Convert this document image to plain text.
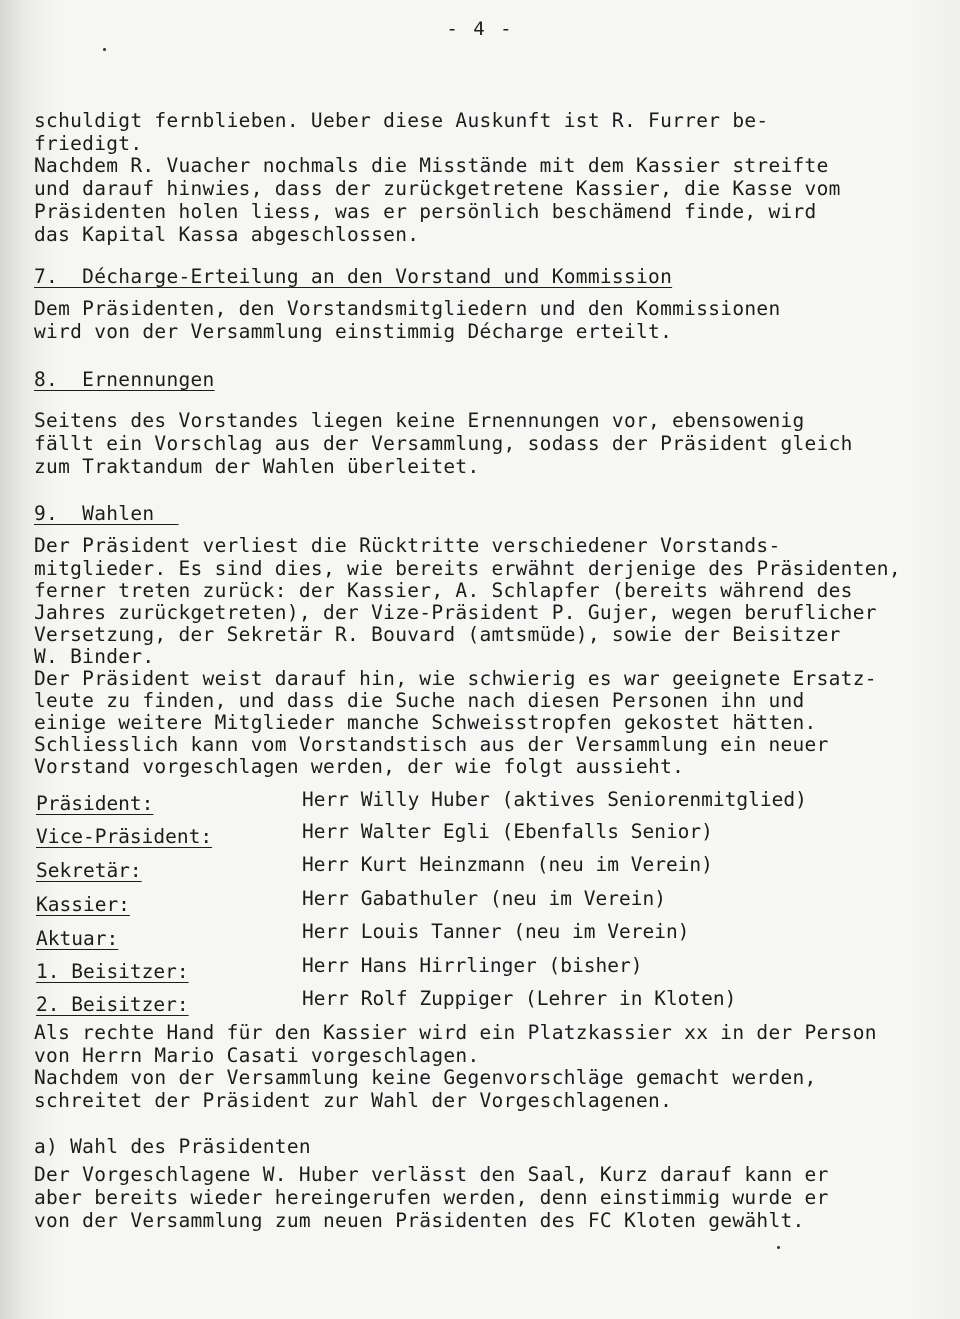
- 4 -
schuldigt fernblieben. Ueber diese Auskunft ist R. Furrer be-
friedigt.
Nachdem R. Vuacher nochmals die Misstände mit dem Kassier streifte
und darauf hinwies, dass der zurückgetretene Kassier, die Kasse vom
Präsidenten holen liess, was er persönlich beschämend finde, wird
das Kapital Kassa abgeschlossen.
7.  Décharge-Erteilung an den Vorstand und Kommission
Dem Präsidenten, den Vorstandsmitgliedern und den Kommissionen
wird von der Versammlung einstimmig Décharge erteilt.
8.  Ernennungen
Seitens des Vorstandes liegen keine Ernennungen vor, ebensowenig
fällt ein Vorschlag aus der Versammlung, sodass der Präsident gleich
zum Traktandum der Wahlen überleitet.
9.  Wahlen
Der Präsident verliest die Rücktritte verschiedener Vorstands-
mitglieder. Es sind dies, wie bereits erwähnt derjenige des Präsidenten,
ferner treten zurück: der Kassier, A. Schlapfer (bereits während des
Jahres zurückgetreten), der Vize-Präsident P. Gujer, wegen beruflicher
Versetzung, der Sekretär R. Bouvard (amtsmüde), sowie der Beisitzer
W. Binder.
Der Präsident weist darauf hin, wie schwierig es war geeignete Ersatz-
leute zu finden, und dass die Suche nach diesen Personen ihn und
einige weitere Mitglieder manche Schweisstropfen gekostet hätten.
Schliesslich kann vom Vorstandstisch aus der Versammlung ein neuer
Vorstand vorgeschlagen werden, der wie folgt aussieht.
Präsident:	Herr Willy Huber (aktives Seniorenmitglied)
Vice-Präsident:	Herr Walter Egli (Ebenfalls Senior)
Sekretär:	Herr Kurt Heinzmann (neu im Verein)
Kassier:	Herr Gabathuler (neu im Verein)
Aktuar:	Herr Louis Tanner (neu im Verein)
1. Beisitzer:	Herr Hans Hirrlinger (bisher)
2. Beisitzer:	Herr Rolf Zuppiger (Lehrer in Kloten)
Als rechte Hand für den Kassier wird ein Platzkassier xx in der Person
von Herrn Mario Casati vorgeschlagen.
Nachdem von der Versammlung keine Gegenvorschläge gemacht werden,
schreitet der Präsident zur Wahl der Vorgeschlagenen.
a) Wahl des Präsidenten
Der Vorgeschlagene W. Huber verlässt den Saal, Kurz darauf kann er
aber bereits wieder hereingerufen werden, denn einstimmig wurde er
von der Versammlung zum neuen Präsidenten des FC Kloten gewählt.
